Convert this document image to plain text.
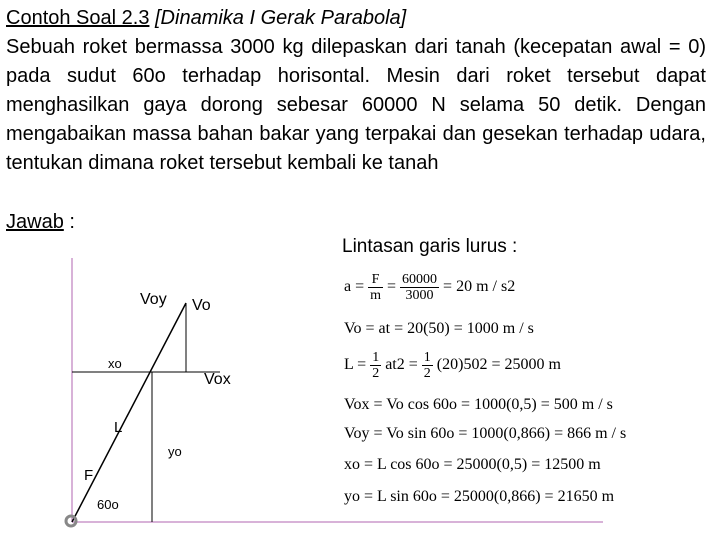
Contoh Soal 2.3 [Dinamika I Gerak Parabola]

Sebuah roket bermassa 3000 kg dilepaskan dari tanah (kecepatan awal = 0) pada sudut 60o terhadap horisontal. Mesin dari roket tersebut dapat menghasilkan gaya dorong sebesar 60000 N selama 50 detik. Dengan mengabaikan massa bahan bakar yang terpakai dan gesekan terhadap udara, tentukan dimana roket tersebut kembali ke tanah

Jawab :
Lintasan garis lurus :
Voy Vo
xo
Vox
L
yo
F
60o
$a = \frac{F}{m} = \frac{60000}{3000} = 20$ m / s2
Vo = at = 20(50) = 1000 m / s
$L = \frac{1}{2} at2 = \frac{1}{2} (20)502 = 25000$ m
Vox = Vo cos 60o = 1000(0,5) = 500 m / s
Voy = Vo sin 60o = 1000(0,866) = 866 m / s
xo = L cos 60o = 25000(0,5) = 12500 m
yo = L sin 60o = 25000(0,866) = 21650 m
